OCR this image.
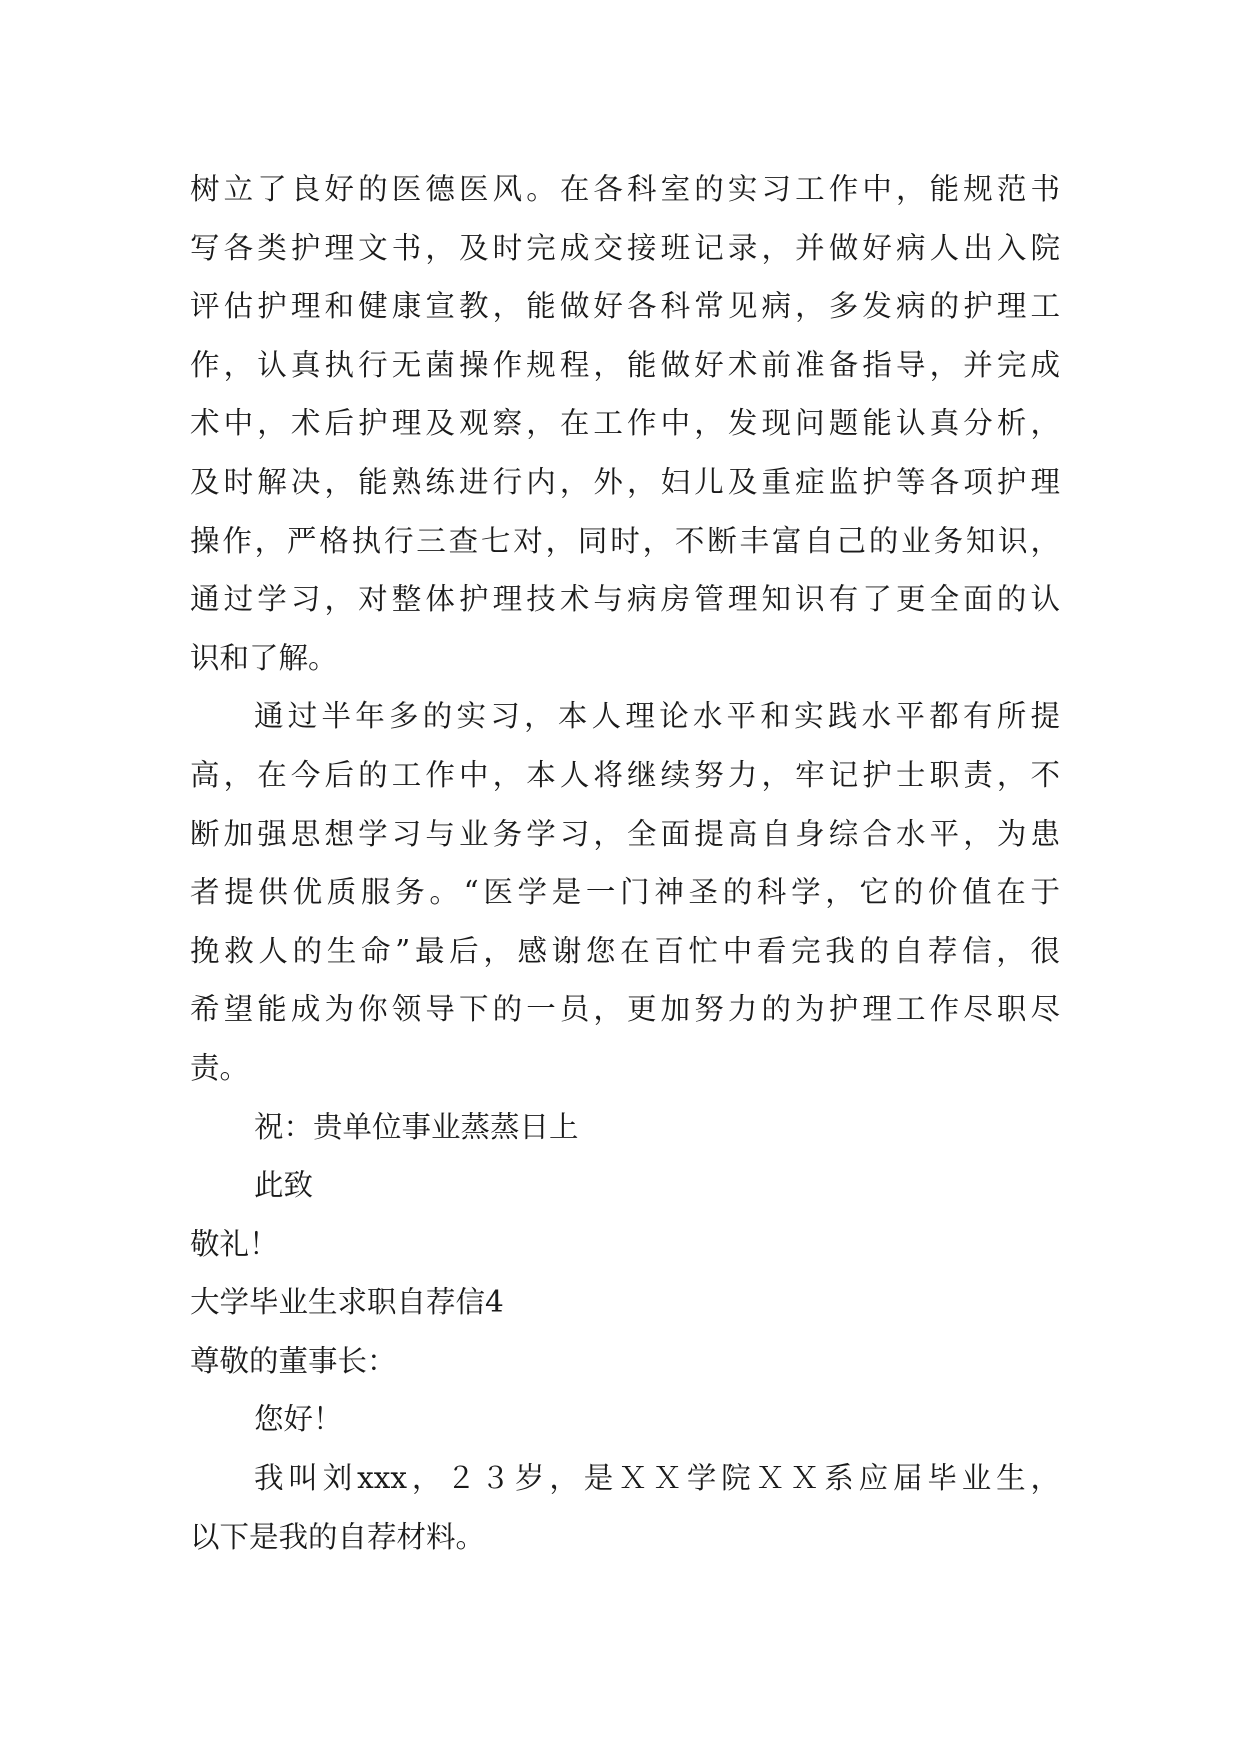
树立了良好的医德医风。在各科室的实习工作中，能规范书
写各类护理文书，及时完成交接班记录，并做好病人出入院
评估护理和健康宣教，能做好各科常见病，多发病的护理工
作，认真执行无菌操作规程，能做好术前准备指导，并完成
术中，术后护理及观察，在工作中，发现问题能认真分析，
及时解决，能熟练进行内，外，妇儿及重症监护等各项护理
操作，严格执行三查七对，同时，不断丰富自己的业务知识，
通过学习，对整体护理技术与病房管理知识有了更全面的认
识和了解。
通过半年多的实习，本人理论水平和实践水平都有所提
高，在今后的工作中，本人将继续努力，牢记护士职责，不
断加强思想学习与业务学习，全面提高自身综合水平，为患
者提供优质服务。“医学是一门神圣的科学，它的价值在于
挽救人的生命”最后，感谢您在百忙中看完我的自荐信，很
希望能成为你领导下的一员，更加努力的为护理工作尽职尽
责。
祝：贵单位事业蒸蒸日上
此致
敬礼！
大学毕业生求职自荐信4
尊敬的董事长：
您好！
我叫刘xxx，２３岁，是ＸＸ学院ＸＸ系应届毕业生，
以下是我的自荐材料。
